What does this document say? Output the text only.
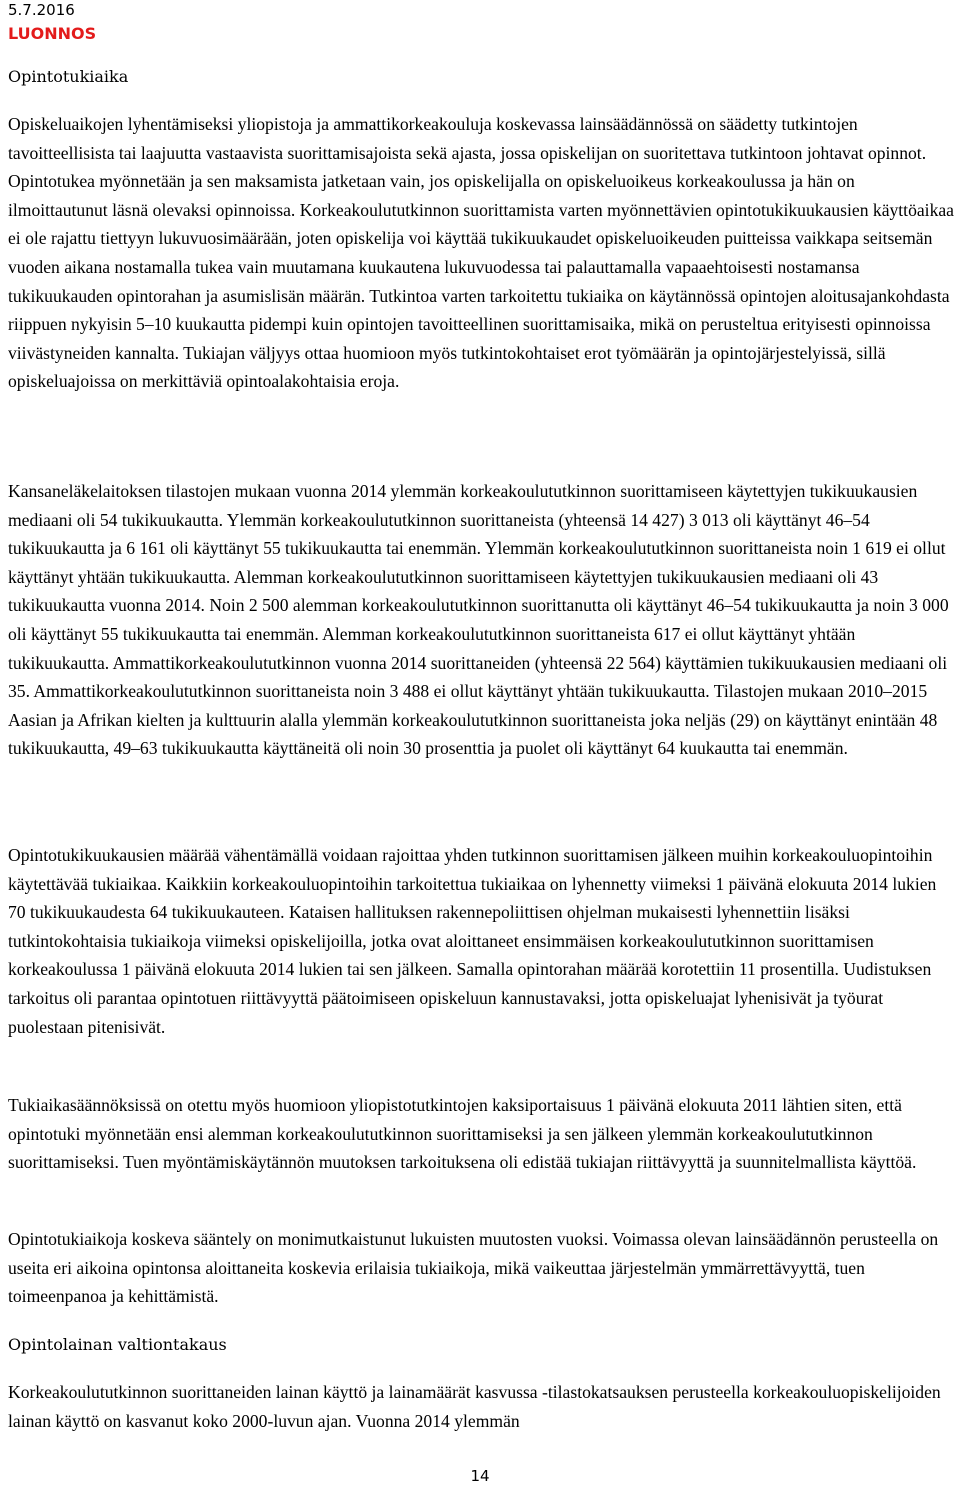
5.7.2016
LUONNOS
Opintotukiaika

Opiskeluaikojen lyhentämiseksi yliopistoja ja ammattikorkeakouluja koskevassa lainsäädännössä on säädetty tutkintojen tavoitteellisista tai laajuutta vastaavista suorittamisajoista sekä ajasta, jossa opiskelijan on suoritettava tutkintoon johtavat opinnot. Opintotukea myönnetään ja sen maksamista jatketaan vain, jos opiskelijalla on opiskeluoikeus korkeakoulussa ja hän on ilmoittautunut läsnä olevaksi opinnoissa. Korkeakoulututkinnon suorittamista varten myönnettävien opintotukikuukausien käyttöaikaa ei ole rajattu tiettyyn lukuvuosimäärään, joten opiskelija voi käyttää tukikuukaudet opiskeluoikeuden puitteissa vaikkapa seitsemän vuoden aikana nostamalla tukea vain muutamana kuukautena lukuvuodessa tai palauttamalla vapaaehtoisesti nostamansa tukikuukauden opintorahan ja asumislisän määrän. Tutkintoa varten tarkoitettu tukiaika on käytännössä opintojen aloitusajankohdasta riippuen nykyisin 5–10 kuukautta pidempi kuin opintojen tavoitteellinen suorittamisaika, mikä on perusteltua erityisesti opinnoissa viivästyneiden kannalta. Tukiajan väljyys ottaa huomioon myös tutkintokohtaiset erot työmäärän ja opintojärjestelyissä, sillä opiskeluajoissa on merkittäviä opintoalakohtaisia eroja.

Kansaneläkelaitoksen tilastojen mukaan vuonna 2014 ylemmän korkeakoulututkinnon suorittamiseen käytettyjen tukikuukausien mediaani oli 54 tukikuukautta. Ylemmän korkeakoulututkinnon suorittaneista (yhteensä 14 427) 3 013 oli käyttänyt 46–54 tukikuukautta ja 6 161 oli käyttänyt 55 tukikuukautta tai enemmän. Ylemmän korkeakoulututkinnon suorittaneista noin 1 619 ei ollut käyttänyt yhtään tukikuukautta. Alemman korkeakoulututkinnon suorittamiseen käytettyjen tukikuukausien mediaani oli 43 tukikuukautta vuonna 2014. Noin 2 500 alemman korkeakoulututkinnon suorittanutta oli käyttänyt 46–54 tukikuukautta ja noin 3 000 oli käyttänyt 55 tukikuukautta tai enemmän. Alemman korkeakoulututkinnon suorittaneista 617 ei ollut käyttänyt yhtään tukikuukautta. Ammattikorkeakoulututkinnon vuonna 2014 suorittaneiden (yhteensä 22 564) käyttämien tukikuukausien mediaani oli 35. Ammattikorkeakoulututkinnon suorittaneista noin 3 488 ei ollut käyttänyt yhtään tukikuukautta. Tilastojen mukaan 2010–2015 Aasian ja Afrikan kielten ja kulttuurin alalla ylemmän korkeakoulututkinnon suorittaneista joka neljäs (29) on käyttänyt enintään 48 tukikuukautta, 49–63 tukikuukautta käyttäneitä oli noin 30 prosenttia ja puolet oli käyttänyt 64 kuukautta tai enemmän.

Opintotukikuukausien määrää vähentämällä voidaan rajoittaa yhden tutkinnon suorittamisen jälkeen muihin korkeakouluopintoihin käytettävää tukiaikaa. Kaikkiin korkeakouluopintoihin tarkoitettua tukiaikaa on lyhennetty viimeksi 1 päivänä elokuuta 2014 lukien 70 tukikuukaudesta 64 tukikuukauteen. Kataisen hallituksen rakennepoliittisen ohjelman mukaisesti lyhennettiin lisäksi tutkintokohtaisia tukiaikoja viimeksi opiskelijoilla, jotka ovat aloittaneet ensimmäisen korkeakoulututkinnon suorittamisen korkeakoulussa 1 päivänä elokuuta 2014 lukien tai sen jälkeen. Samalla opintorahan määrää korotettiin 11 prosentilla. Uudistuksen tarkoitus oli parantaa opintotuen riittävyyttä päätoimiseen opiskeluun kannustavaksi, jotta opiskeluajat lyhenisivät ja työurat puolestaan pitenisivät.

Tukiaikasäännöksissä on otettu myös huomioon yliopistotutkintojen kaksiportaisuus 1 päivänä elokuuta 2011 lähtien siten, että opintotuki myönnetään ensi alemman korkeakoulututkinnon suorittamiseksi ja sen jälkeen ylemmän korkeakoulututkinnon suorittamiseksi. Tuen myöntämiskäytännön muutoksen tarkoituksena oli edistää tukiajan riittävyyttä ja suunnitelmallista käyttöä.

Opintotukiaikoja koskeva sääntely on monimutkaistunut lukuisten muutosten vuoksi. Voimassa olevan lainsäädännön perusteella on useita eri aikoina opintonsa aloittaneita koskevia erilaisia tukiaikoja, mikä vaikeuttaa järjestelmän ymmärrettävyyttä, tuen toimeenpanoa ja kehittämistä.

Opintolainan valtiontakaus

Korkeakoulututkinnon suorittaneiden lainan käyttö ja lainamäärät kasvussa -tilastokatsauksen perusteella korkeakouluopiskelijoiden lainan käyttö on kasvanut koko 2000-luvun ajan. Vuonna 2014 ylemmän

14
